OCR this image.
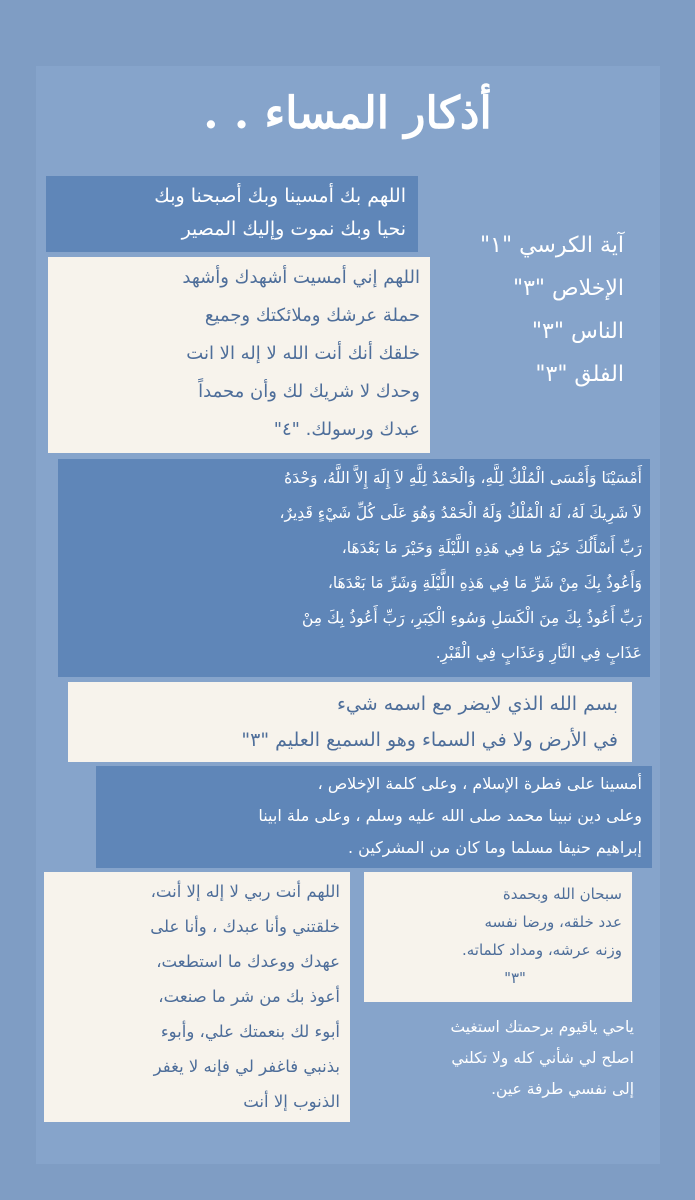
أذكار المساء . .
اللهم بك أمسينا وبك أصبحنا وبك
نحيا وبك نموت وإليك المصير
آية الكرسي "١"
الإخلاص "٣"
الناس "٣"
الفلق "٣"
اللهم إني أمسيت أشهدك وأشهد
حملة عرشك وملائكتك وجميع
خلقك أنك أنت الله لا إله الا انت
وحدك لا شريك لك وأن محمداً
عبدك ورسولك. "٤"
أَمْسَيْنَا وَأَمْسَى الْمُلْكُ لِلَّهِ، وَالْحَمْدُ لِلَّهِ لاَ إِلَهَ إِلاَّ اللَّهُ، وَحْدَهُ
لاَ شَرِيكَ لَهُ، لَهُ الْمُلْكُ وَلَهُ الْحَمْدُ وَهُوَ عَلَى كُلِّ شَيْءٍ قَدِيرٌ،
رَبِّ أَسْأَلُكَ خَيْرَ مَا فِي هَذِهِ اللَّيْلَةِ وَخَيْرَ مَا بَعْدَهَا،
وَأَعُوذُ بِكَ مِنْ شَرِّ مَا فِي هَذِهِ اللَّيْلَةِ وَشَرِّ مَا بَعْدَهَا،
رَبِّ أَعُوذُ بِكَ مِنَ الْكَسَلِ وَسُوءِ الْكِبَرِ، رَبِّ أَعُوذُ بِكَ مِنْ
عَذَابٍ فِي النَّارِ وَعَذَابٍ فِي الْقَبْرِ.
بسم الله الذي لايضر مع اسمه شيء
في الأرض ولا في السماء وهو السميع العليم "٣"
أمسينا على فطرة الإسلام ، وعلى كلمة الإخلاص ،
وعلى دين نبينا محمد صلى الله عليه وسلم ، وعلى ملة ابينا
إبراهيم حنيفا مسلما وما كان من المشركين .
اللهم أنت ربي لا إله إلا أنت،
خلقتني وأنا عبدك ، وأنا على
عهدك ووعدك ما استطعت،
أعوذ بك من شر ما صنعت،
أبوء لك بنعمتك علي، وأبوء
بذنبي فاغفر لي فإنه لا يغفر
الذنوب إلا أنت
سبحان الله وبحمدة
عدد خلقه، ورضا نفسه
وزنه عرشه، ومداد كلماته.
"٣"
ياحي ياقيوم برحمتك استغيث
اصلح لي شأني كله ولا تكلني
إلى نفسي طرفة عين.
